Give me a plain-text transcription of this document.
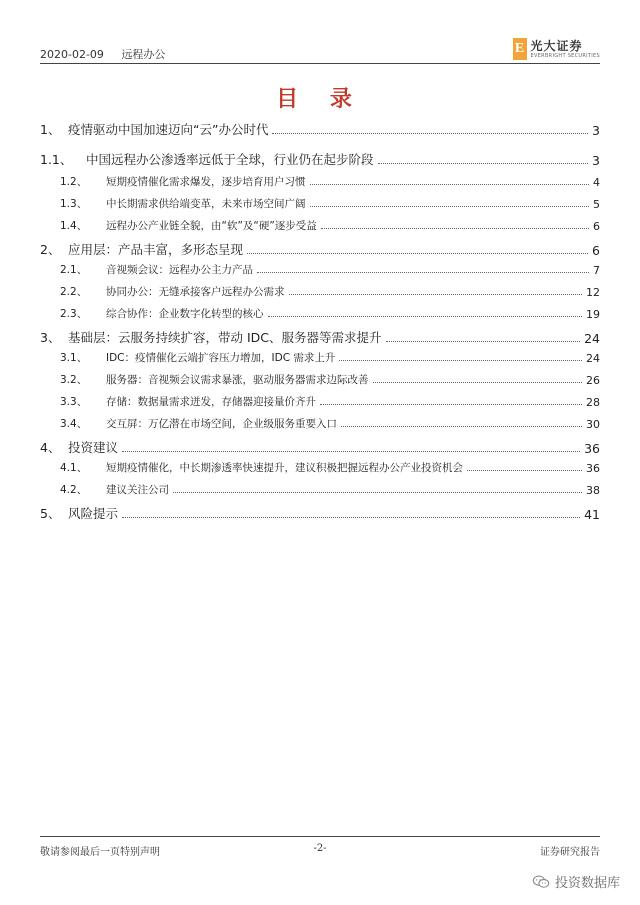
2020-02-09 远程办公	E 光大证券
EVERBRIGHT SECURITIES
目 录
1、 疫情驱动中国加速迈向“云”办公时代	3
1.1、	中国远程办公渗透率远低于全球，行业仍在起步阶段	3
1.2、	短期疫情催化需求爆发，逐步培育用户习惯	4
1.3、	中长期需求供给端变革，未来市场空间广阔	5
1.4、	远程办公产业链全貌，由“软”及“硬”逐步受益	6
2、 应用层：产品丰富，多形态呈现	6
2.1、	音视频会议：远程办公主力产品	7
2.2、	协同办公：无缝承接客户远程办公需求	12
2.3、	综合协作：企业数字化转型的核心	19
3、 基础层：云服务持续扩容，带动 IDC、服务器等需求提升	24
3.1、	IDC：疫情催化云端扩容压力增加，IDC 需求上升	24
3.2、	服务器：音视频会议需求暴涨，驱动服务器需求边际改善	26
3.3、	存储：数据量需求迸发，存储器迎接量价齐升	28
3.4、	交互屏：万亿潜在市场空间，企业级服务重要入口	30
4、 投资建议	36
4.1、	短期疫情催化，中长期渗透率快速提升，建议积极把握远程办公产业投资机会	36
4.2、	建议关注公司	38
5、 风险提示	41
敬请参阅最后一页特别声明	-2-	证券研究报告
投资数据库
